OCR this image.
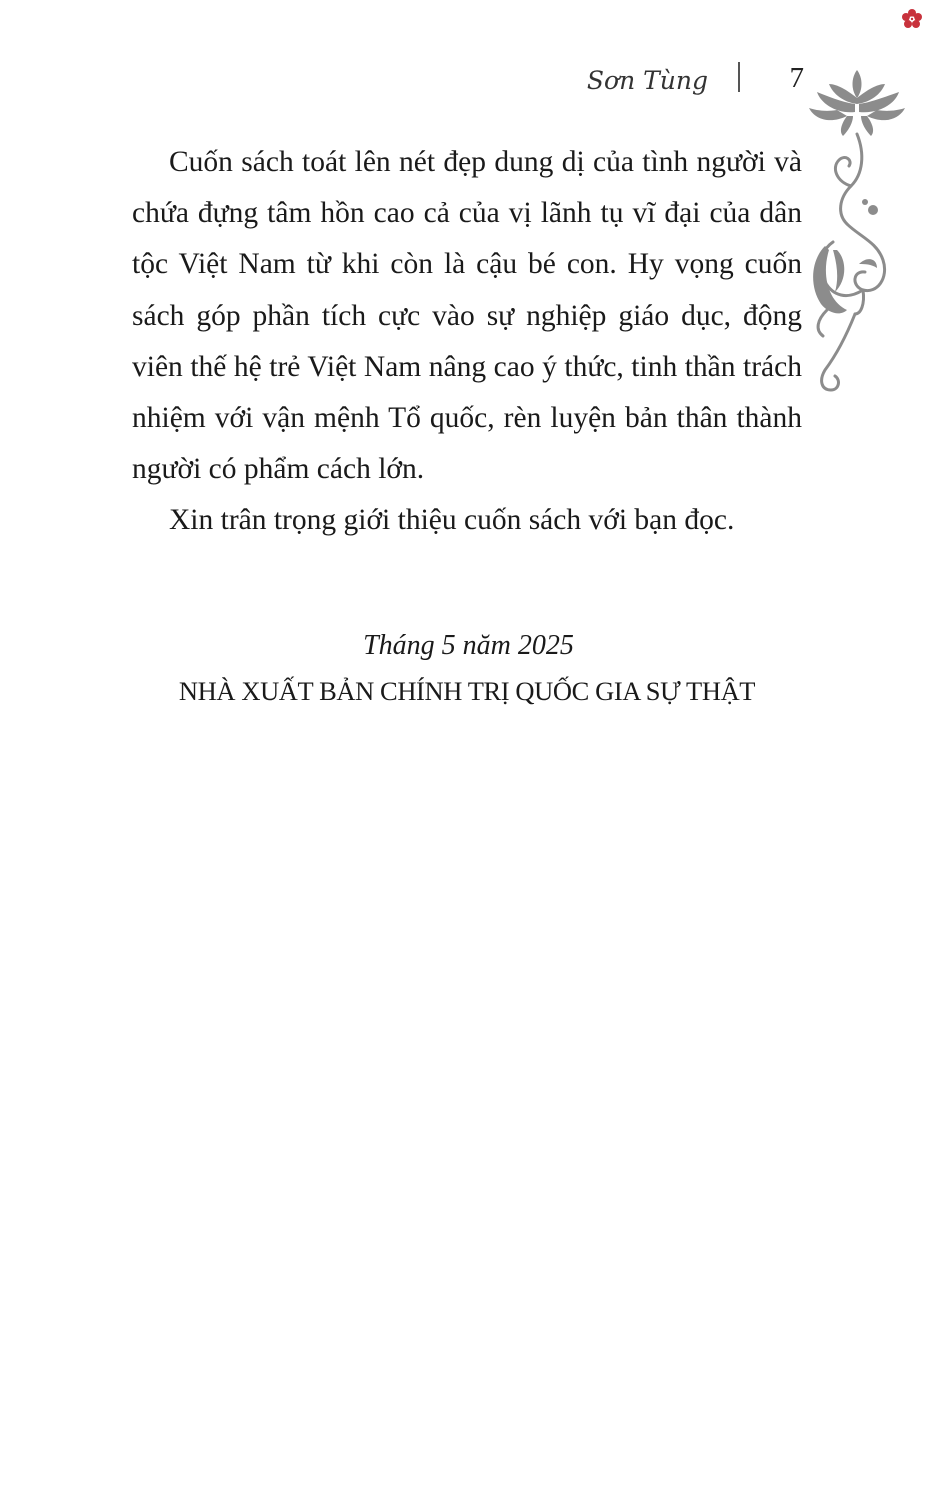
Sơn Tùng	7

Cuốn sách toát lên nét đẹp dung dị của tình người và chứa đựng tâm hồn cao cả của vị lãnh tụ vĩ đại của dân tộc Việt Nam từ khi còn là cậu bé con. Hy vọng cuốn sách góp phần tích cực vào sự nghiệp giáo dục, động viên thế hệ trẻ Việt Nam nâng cao ý thức, tinh thần trách nhiệm với vận mệnh Tổ quốc, rèn luyện bản thân thành người có phẩm cách lớn.

Xin trân trọng giới thiệu cuốn sách với bạn đọc.

Tháng 5 năm 2025
NHÀ XUẤT BẢN CHÍNH TRỊ QUỐC GIA SỰ THẬT
